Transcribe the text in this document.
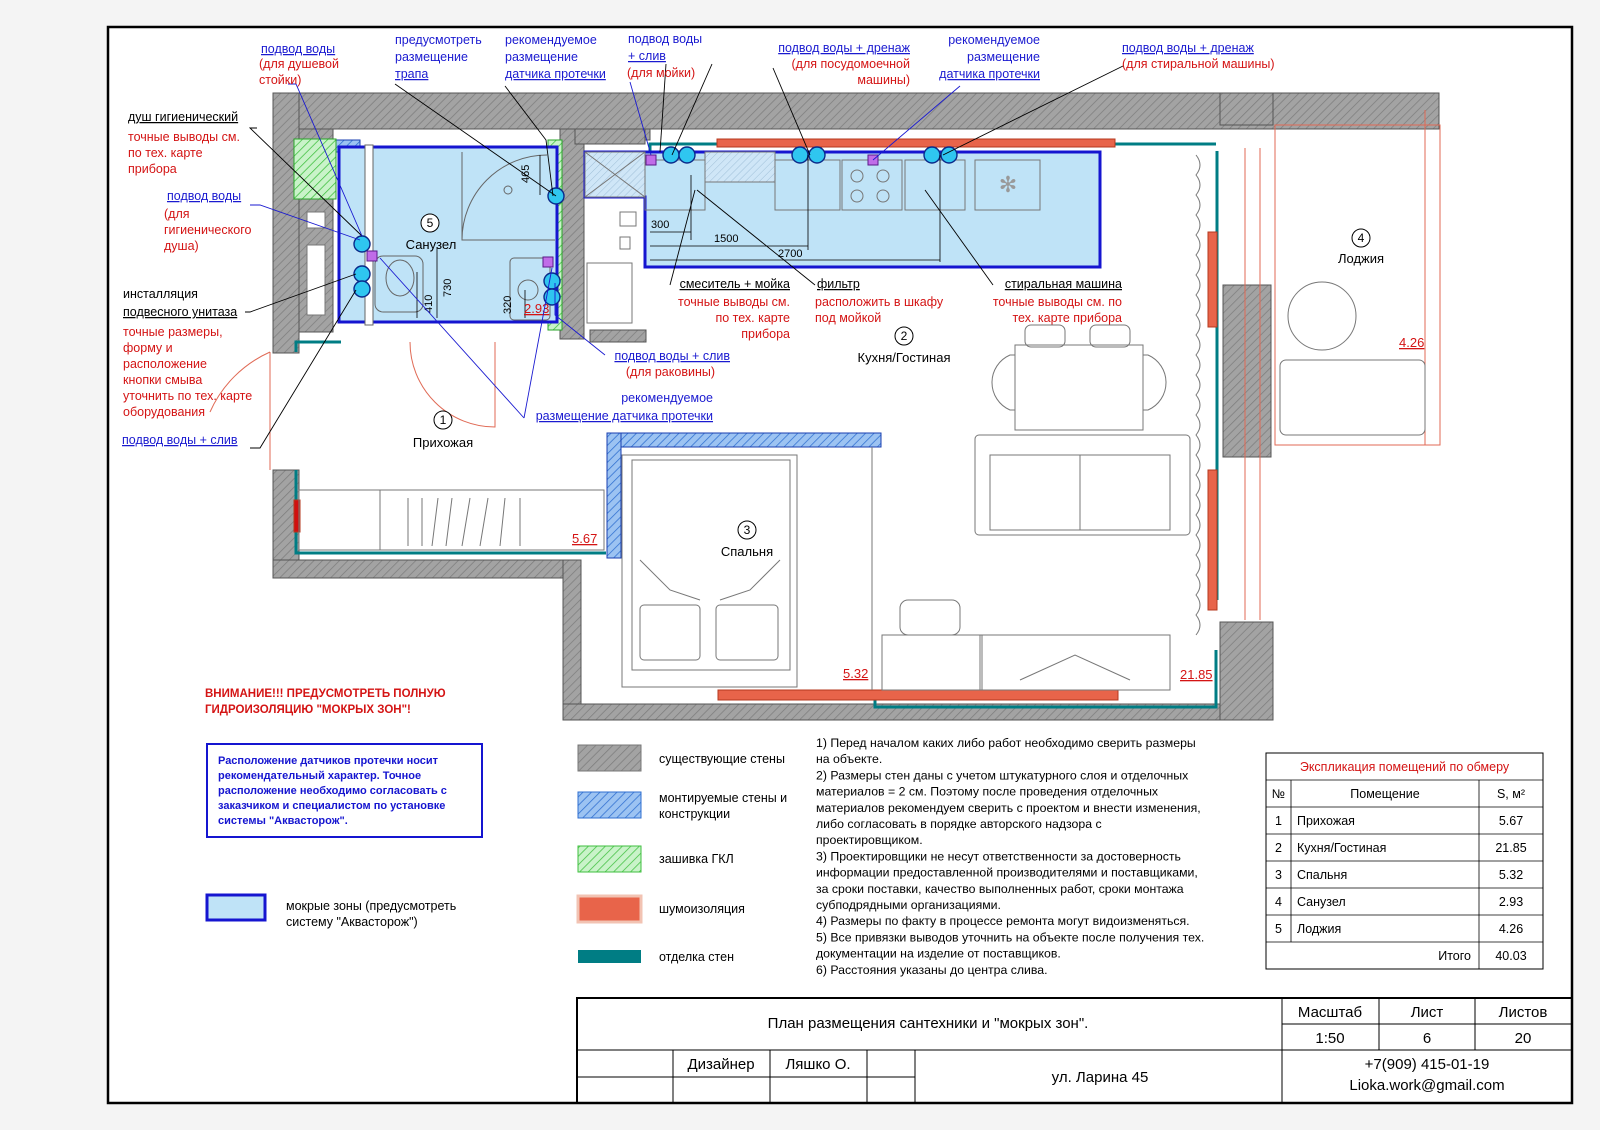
✻
465
730
410	320
300
1500
2700
5
Санузел
2
Кухня/Гостиная
1
Прихожая
3
Спальня
4
Лоджия
2.93
5.67
5.32	21.85
4.26
подвод воды
(для душевой
стойки)
предусмотреть
размещение
трапа
рекомендуемое
размещение
датчика протечки
подвод воды
+ слив
(для мойки)
подвод воды + дренаж
(для посудомоечной
машины)
рекомендуемое
размещение
датчика протечки
подвод воды + дренаж
(для стиральной машины)
душ гигиенический
точные выводы см.
по тех. карте
прибора
подвод воды
(для
гигиенического
душа)
инсталляция
подвесного унитаза
точные размеры,
форму и
расположение
кнопки смыва
уточнить по тех. карте
оборудования
подвод воды + слив
смеситель + мойка
точные выводы см.
по тех. карте
прибора
фильтр
расположить в шкафу
под мойкой
стиральная машина
точные выводы см. по
тех. карте прибора
подвод воды + слив
(для раковины)
рекомендуемое
размещение датчика протечки
ВНИМАНИЕ!!! ПРЕДУСМОТРЕТЬ ПОЛНУЮ
ГИДРОИЗОЛЯЦИЮ "МОКРЫХ ЗОН"!
Расположение датчиков протечки носит
рекомендательный характер. Точное
расположение необходимо согласовать с
заказчиком и специалистом по установке
системы "Аквасторож".
мокрые зоны (предусмотреть
систему "Аквасторож")
существующие стены
монтируемые стены и
конструкции
зашивка ГКЛ
шумоизоляция
отделка стен
1) Перед началом каких либо работ необходимо сверить размеры
на объекте.
2) Размеры стен даны с учетом штукатурного слоя и отделочных
материалов = 2 см. Поэтому после проведения отделочных
материалов рекомендуем сверить с проектом и внести изменения,
либо согласовать в порядке авторского надзора с
проектировщиком.
3) Проектировщики не несут ответственности за достоверность
информации предоставленной производителями и поставщиками,
за сроки поставки, качество выполненных работ, сроки монтажа
субподрядными организациями.
4) Размеры по факту в процессе ремонта могут видоизменяться.
5) Все привязки выводов уточнить на объекте после получения тех.
документации на изделие от поставщиков.
6) Расстояния указаны до центра слива.
Экспликация помещений по обмеру
№	Помещение	S, м²
1 Прихожая	5.67
2 Кухня/Гостиная	21.85
3 Спальня	5.32
4 Санузел	2.93
5 Лоджия	4.26
Итого 40.03
План размещения сантехники и "мокрых зон".
Масштаб
1:50
Лист
6
Листов
20
Дизайнер Ляшко О.
ул. Ларина 45
+7(909) 415-01-19
Lioka.work@gmail.com
